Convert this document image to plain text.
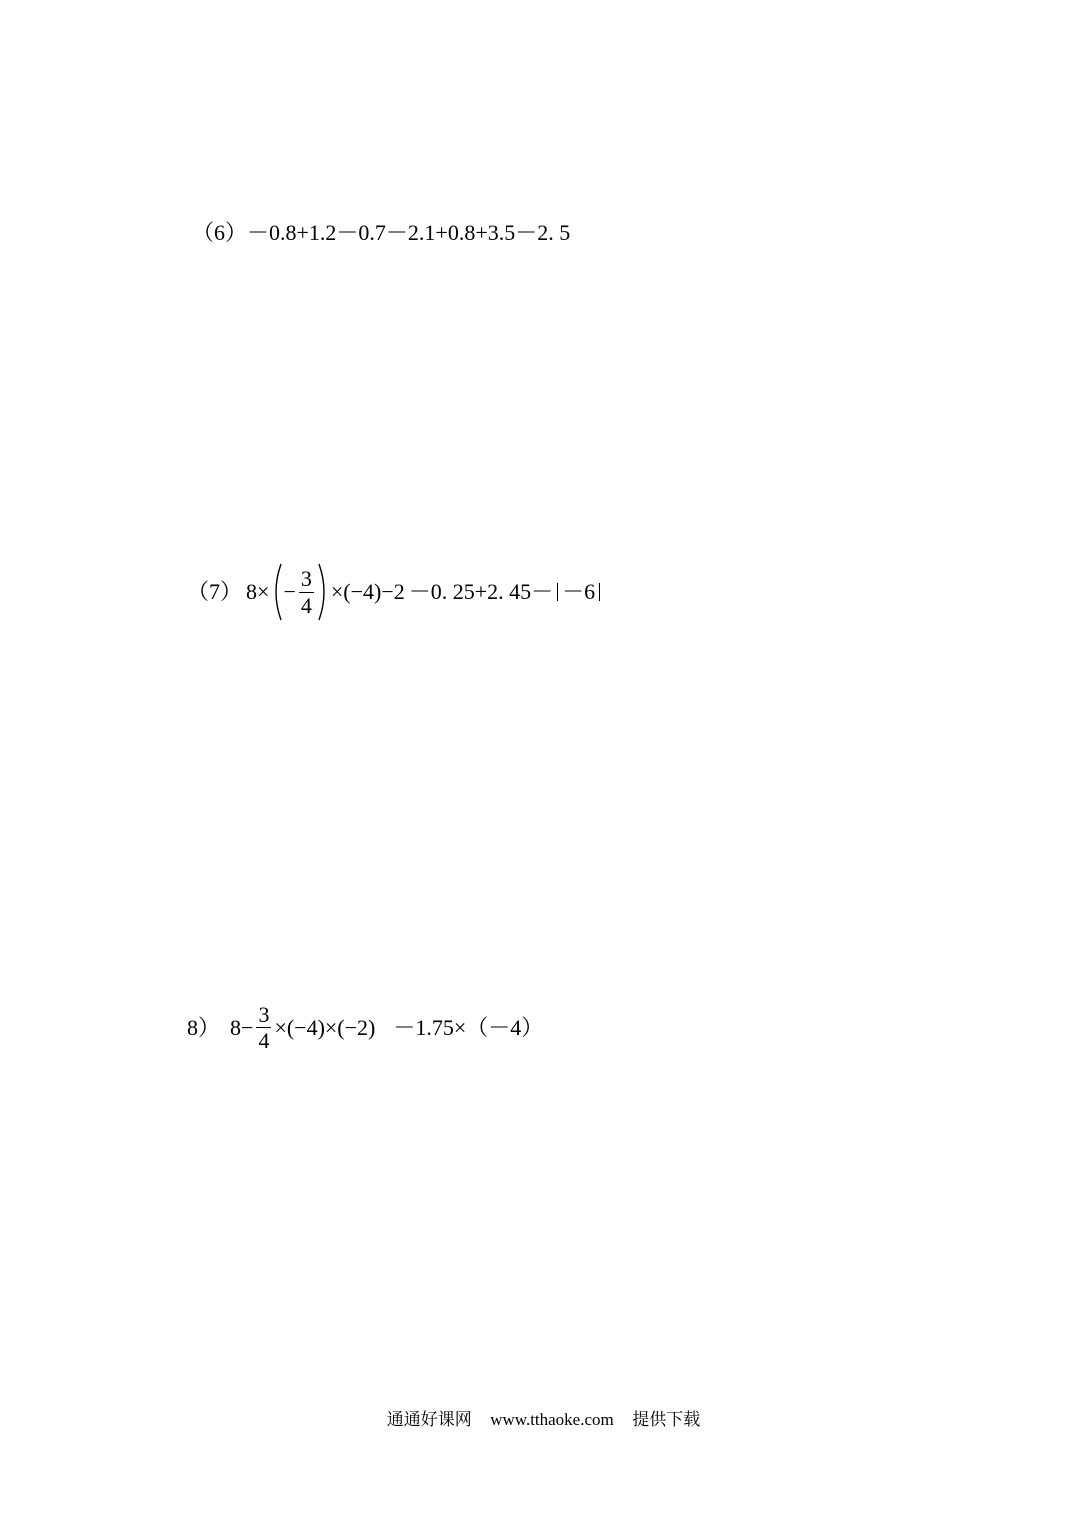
（6） －0.8+1.2－0.7－2.1+0.8+3.5－2. 5
（7） $8\times - \frac{3}{4} \times(-4)-2 -0$. 25+2. 45－ －6
8） $8- \frac{3}{4} \times(-4)\times(-2) -1.75\times(-4)$
通通好课网 www.tthaoke.com 提供下载
